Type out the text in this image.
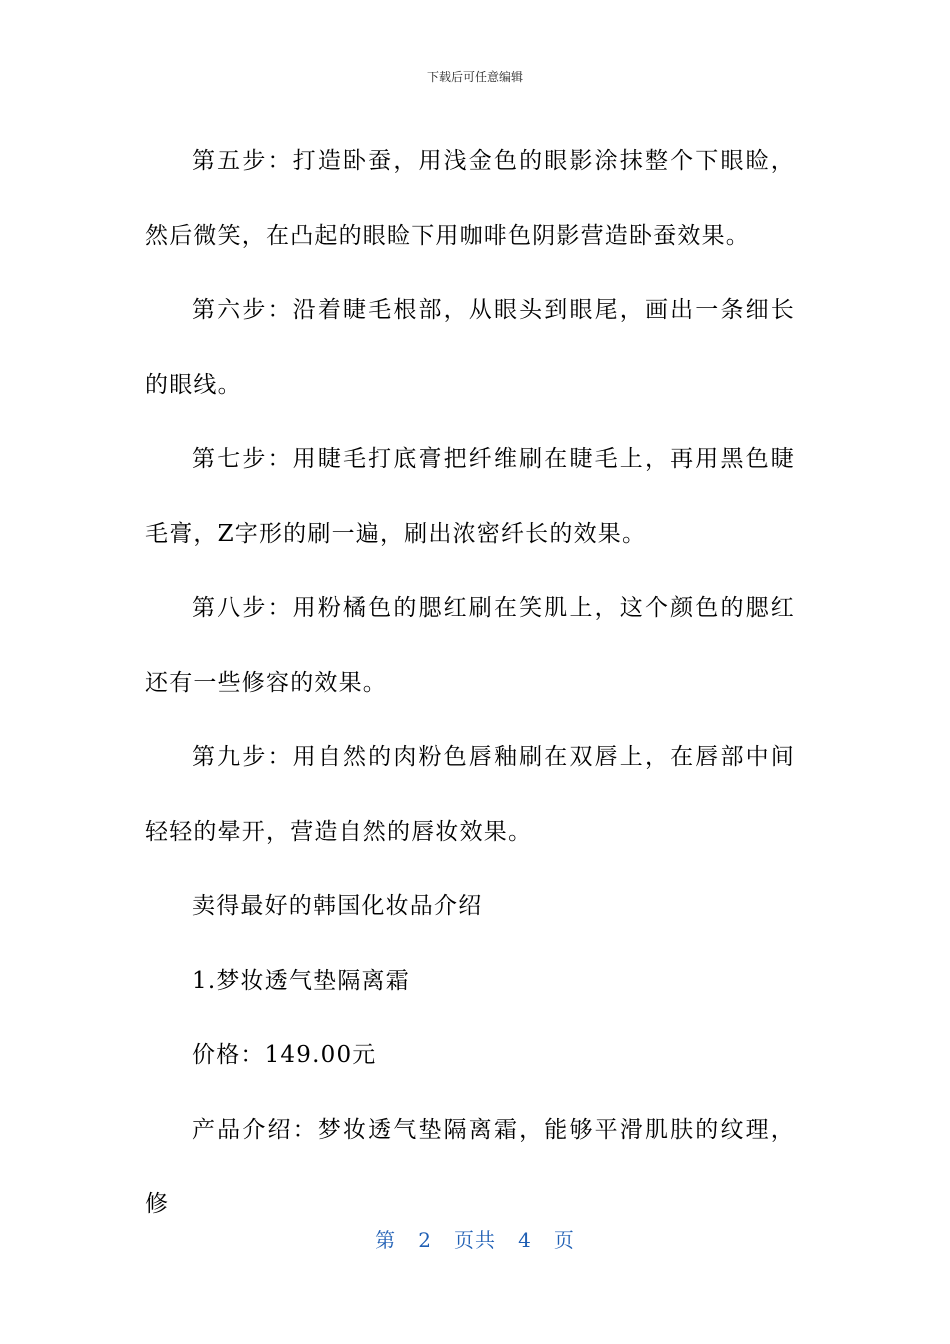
下载后可任意编辑

第五步：打造卧蚕，用浅金色的眼影涂抹整个下眼睑，然后微笑，在凸起的眼睑下用咖啡色阴影营造卧蚕效果。

第六步：沿着睫毛根部，从眼头到眼尾，画出一条细长的眼线。

第七步：用睫毛打底膏把纤维刷在睫毛上，再用黑色睫毛膏，Z字形的刷一遍，刷出浓密纤长的效果。

第八步：用粉橘色的腮红刷在笑肌上，这个颜色的腮红还有一些修容的效果。

第九步：用自然的肉粉色唇釉刷在双唇上，在唇部中间轻轻的晕开，营造自然的唇妆效果。

卖得最好的韩国化妆品介绍

1.梦妆透气垫隔离霜

价格：149.00元

产品介绍：梦妆透气垫隔离霜，能够平滑肌肤的纹理，修

第 2 页共 4 页
